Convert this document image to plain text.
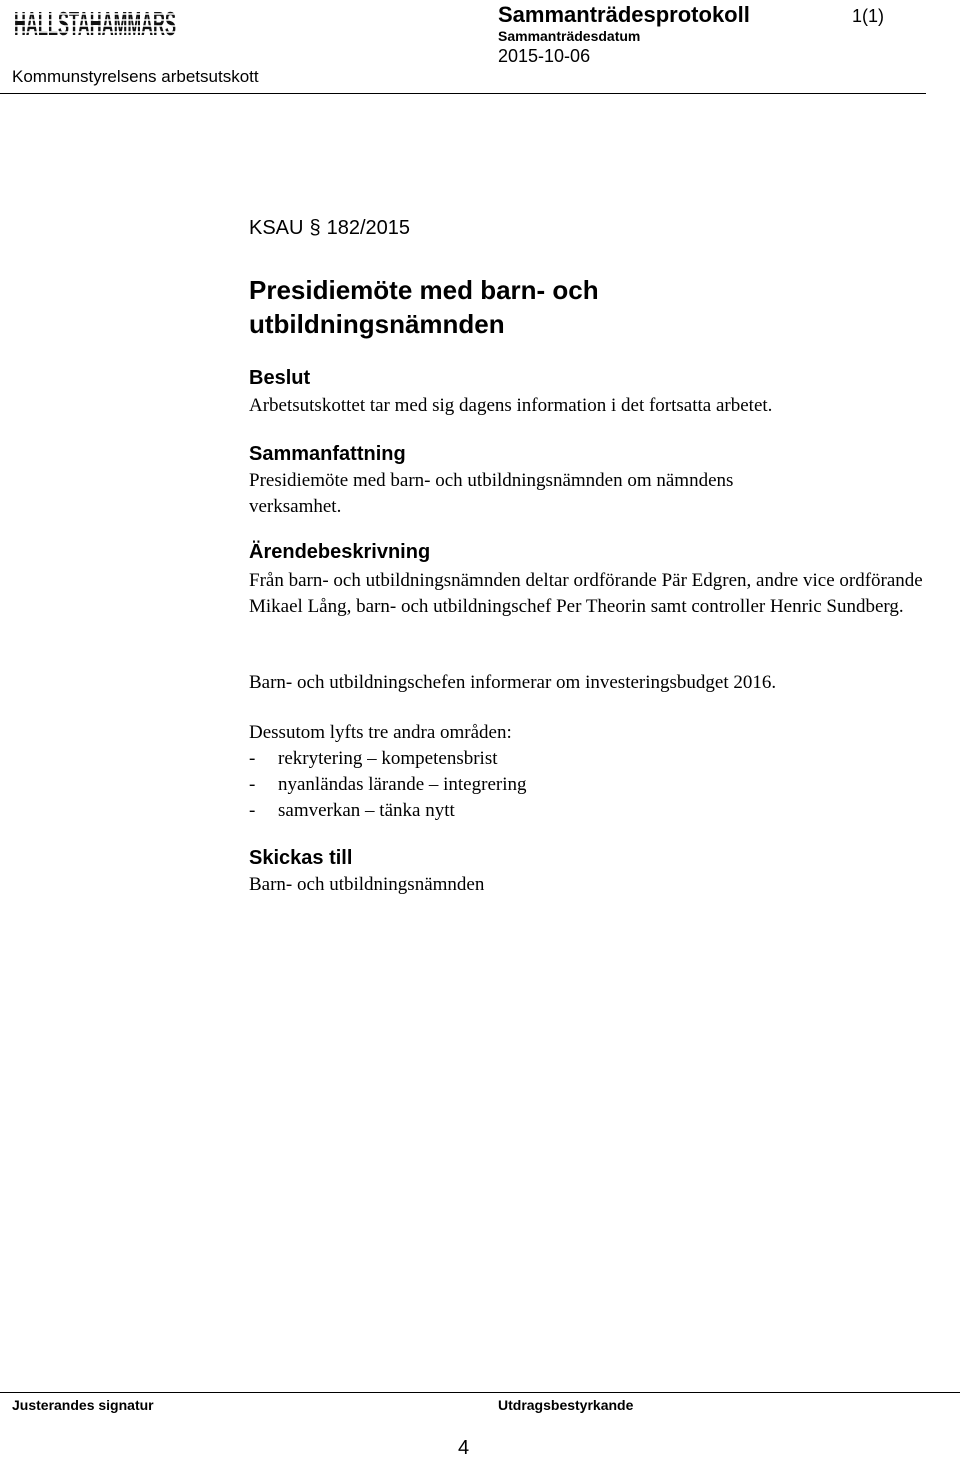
HALLSTAHAMMARS	Sammanträdesprotokoll	1(1)
Sammanträdesdatum
2015-10-06
Kommunstyrelsens arbetsutskott
KSAU § 182/2015
Presidiemöte med barn- och utbildningsnämnden
Beslut
Arbetsutskottet tar med sig dagens information i det fortsatta arbetet.
Sammanfattning
Presidiemöte med barn- och utbildningsnämnden om nämndens verksamhet.
Ärendebeskrivning
Från barn- och utbildningsnämnden deltar ordförande Pär Edgren, andre vice ordförande Mikael Lång, barn- och utbildningschef Per Theorin samt controller Henric Sundberg.
Barn- och utbildningschefen informerar om investeringsbudget 2016.
Dessutom lyfts tre andra områden:
- rekrytering – kompetensbrist
- nyanländas lärande – integrering
- samverkan – tänka nytt
Skickas till
Barn- och utbildningsnämnden
Justerandes signatur	Utdragsbestyrkande
4
